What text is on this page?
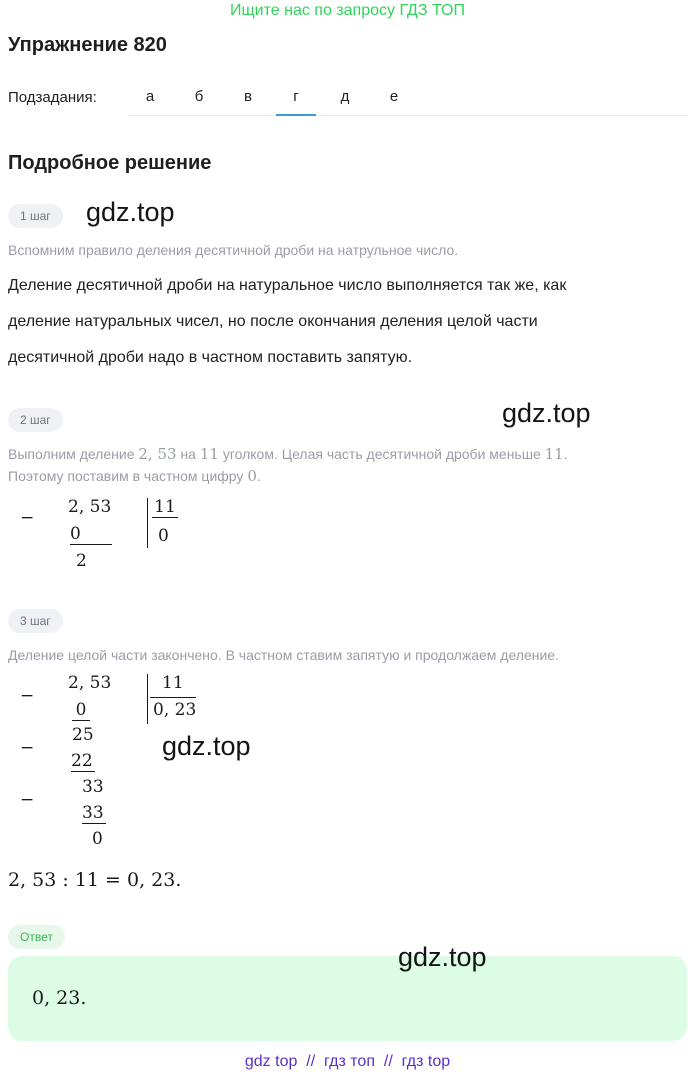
Ищите нас по запросу ГДЗ ТОП
Упражнение 820
Подзадания:	а	б	в	г	д	е
Подробное решение
1 шаг	gdz.top
Вспомним правило деления десятичной дроби на натрульное число.
Деление десятичной дроби на натуральное число выполняется так же, как
деление натуральных чисел, но после окончания деления целой части
десятичной дроби надо в частном поставить запятую.
2 шаг	gdz.top
Выполним деление 2, 53 на 11 уголком. Целая часть десятичной дроби меньше 11.
Поэтому поставим в частном цифру 0.
−
2, 53
0
2
11
0
3 шаг
Деление целой части закончено. В частном ставим запятую и продолжаем деление.
−
2, 53
0
11
0, 23
−
25
22
−
33
33
0
gdz.top
2, 53 : 11 = 0, 23.
Ответ
0, 23.
gdz.top
gdz top  //  гдз топ  //  гдз top
